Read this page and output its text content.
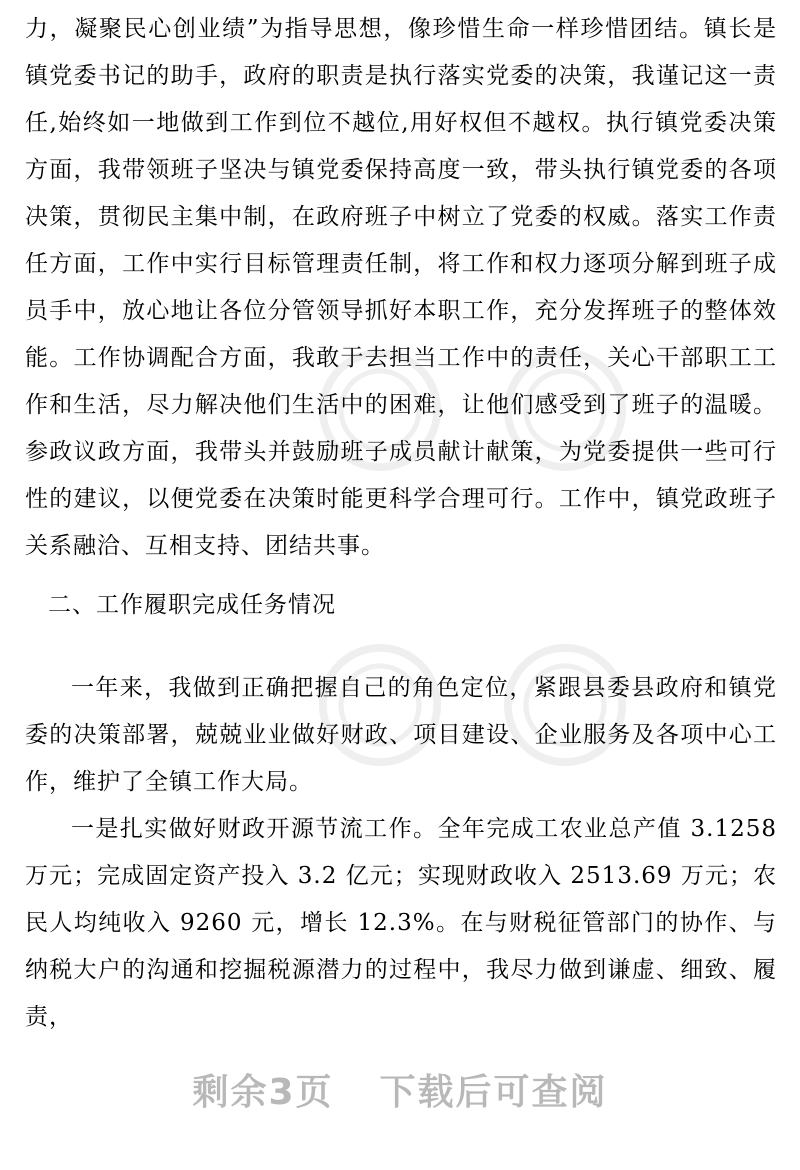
力，凝聚民心创业绩”为指导思想，像珍惜生命一样珍惜团结。镇长是镇党委书记的助手，政府的职责是执行落实党委的决策，我谨记这一责任,始终如一地做到工作到位不越位,用好权但不越权。执行镇党委决策方面，我带领班子坚决与镇党委保持高度一致，带头执行镇党委的各项决策，贯彻民主集中制，在政府班子中树立了党委的权威。落实工作责任方面，工作中实行目标管理责任制，将工作和权力逐项分解到班子成员手中，放心地让各位分管领导抓好本职工作，充分发挥班子的整体效能。工作协调配合方面，我敢于去担当工作中的责任，关心干部职工工作和生活，尽力解决他们生活中的困难，让他们感受到了班子的温暖。参政议政方面，我带头并鼓励班子成员献计献策，为党委提供一些可行性的建议，以便党委在决策时能更科学合理可行。工作中，镇党政班子关系融洽、互相支持、团结共事。

二、工作履职完成任务情况

一年来，我做到正确把握自己的角色定位，紧跟县委县政府和镇党委的决策部署，兢兢业业做好财政、项目建设、企业服务及各项中心工作，维护了全镇工作大局。

一是扎实做好财政开源节流工作。全年完成工农业总产值 3.1258 万元；完成固定资产投入 3.2 亿元；实现财政收入 2513.69 万元；农民人均纯收入 9260 元，增长 12.3%。在与财税征管部门的协作、与纳税大户的沟通和挖掘税源潜力的过程中，我尽力做到谦虚、细致、履责，

剩余3页 下载后可查阅
